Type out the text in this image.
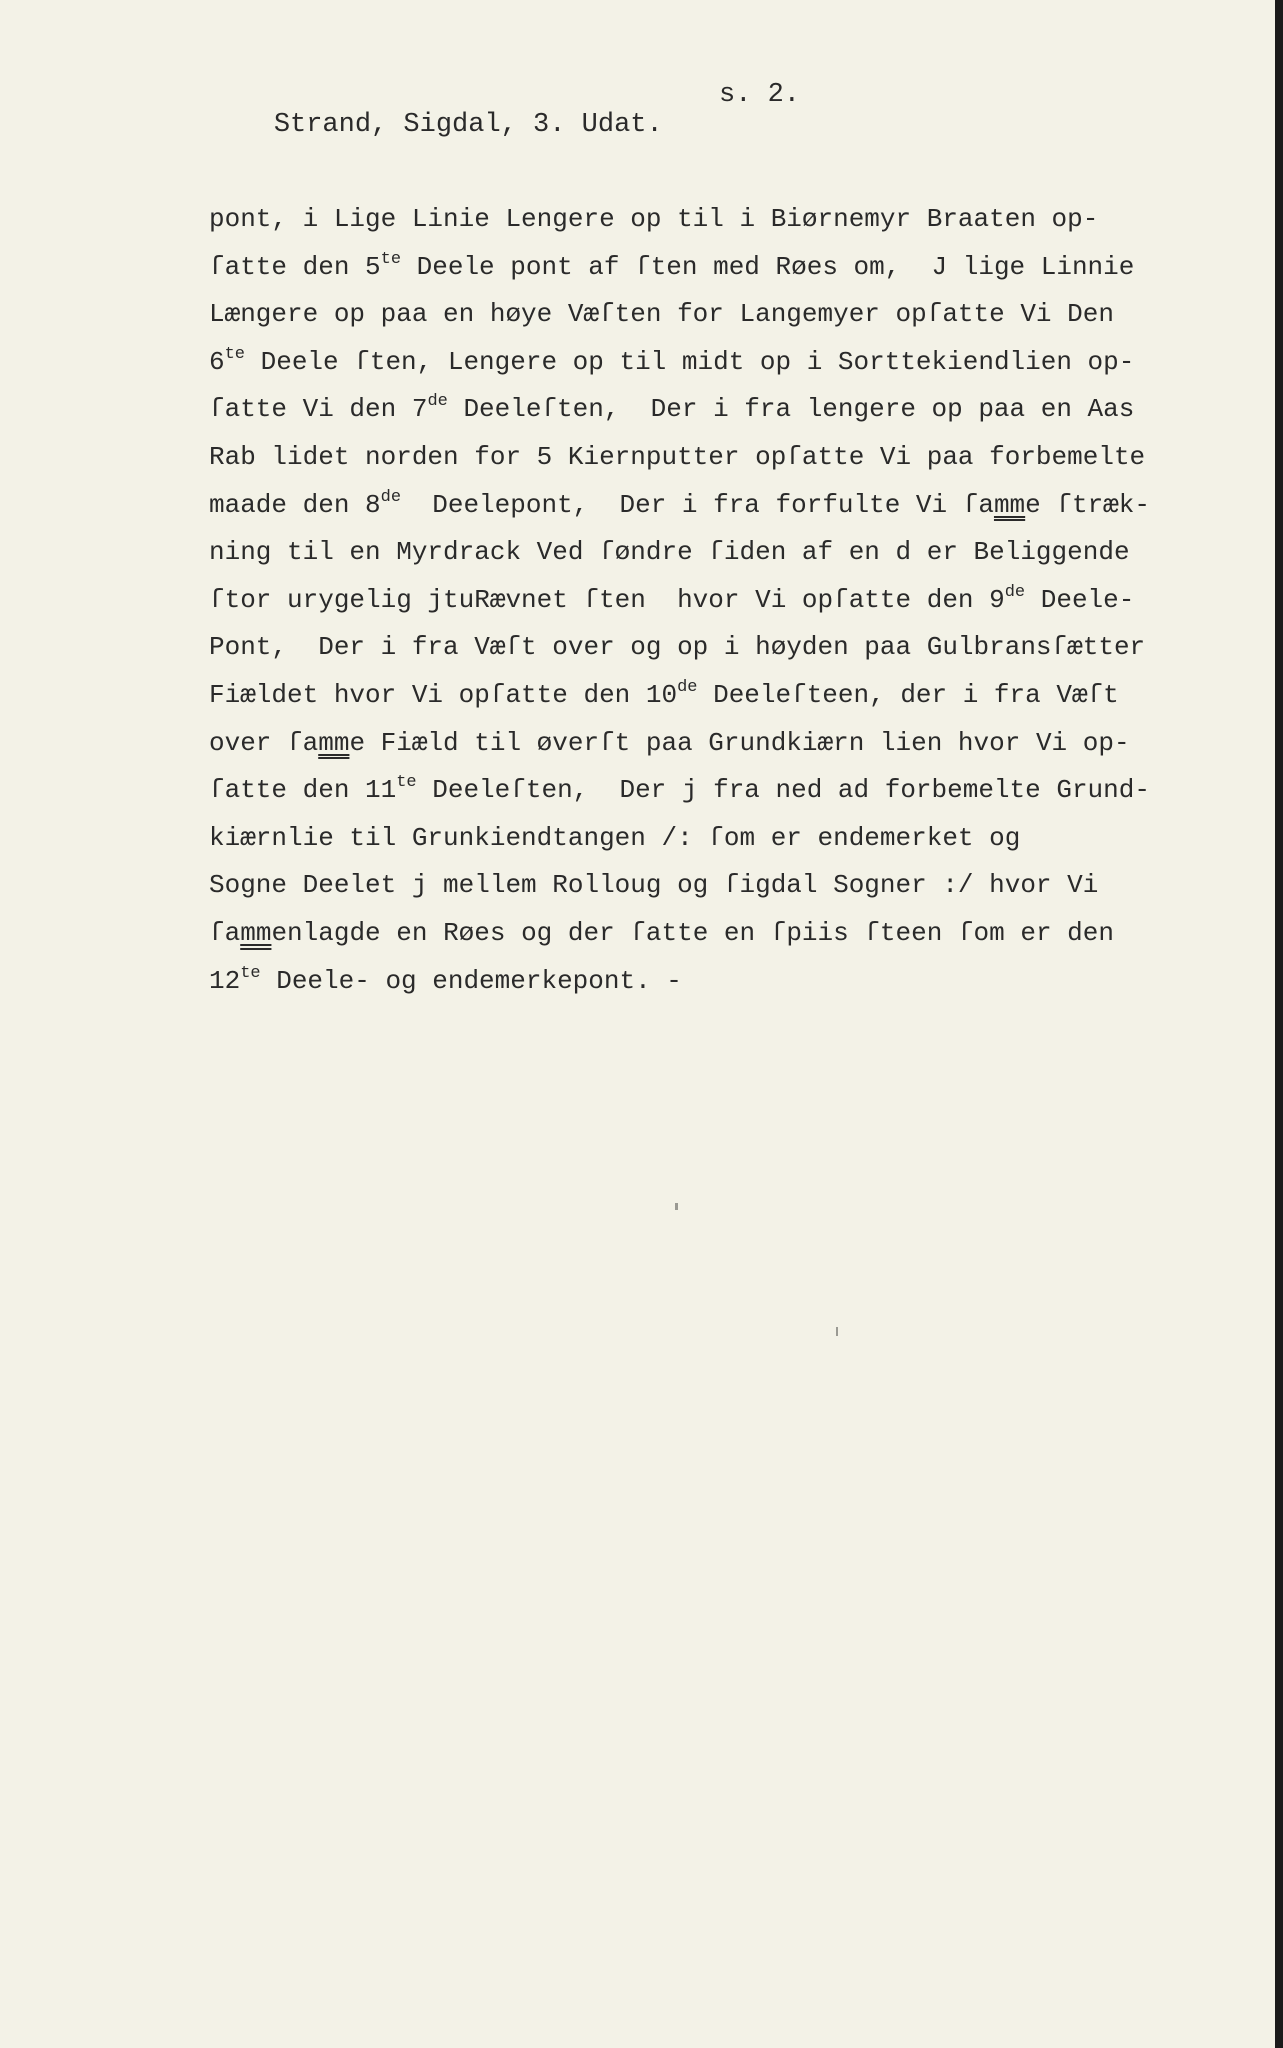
Strand, Sigdal, 3. Udat.

s. 2.

pont, i Lige Linie Lengere op til i Biørnemyr Braaten op-
ſatte den $5^{te}$ Deele pont af ſten med Røes om,  J lige Linnie
Længere op paa en høye Væſten for Langemyer opſatte Vi Den
$6^{te}$ Deele ſten, Lengere op til midt op i Sorttekiendlien op-
ſatte Vi den 7de Deeleſten,  Der i fra lengere op paa en Aas
Rab lidet norden for 5 Kiernputter opſatte Vi paa forbemelte
maade den 8de  Deelepont,  Der i fra forfulte Vi ſamme ſtræk-
ning til en Myrdrack Ved ſøndre ſiden af en d er Beliggende
ſtor urygelig jtuRævnet ſten  hvor Vi opſatte den 9de Deele-
Pont,  Der i fra Væſt over og op i høyden paa Gulbransſætter
Fiældet hvor Vi opſatte den 10de Deeleſteen, der i fra Væſt
over ſamme Fiæld til øverſt paa Grundkiærn lien hvor Vi op-
ſatte den $11^{te}$ Deeleſten,  Der j fra ned ad forbemelte Grund-
kiærnlie til Grunkiendtangen /: ſom er endemerket og
Sogne Deelet j mellem Rolloug og ſigdal Sogner :/ hvor Vi
ſammenlagde en Røes og der ſatte en ſpiis ſteen ſom er den
$12^{te}$ Deele- og endemerkepont. -
